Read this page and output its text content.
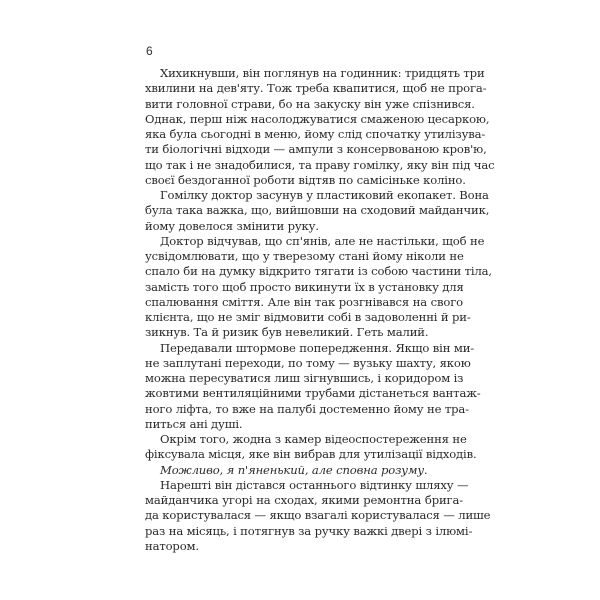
6
Хихикнувши, він поглянув на годинник: тридцять три
хвилини на дев'яту. Тож треба квапитися, щоб не прога-
вити головної страви, бо на закуску він уже спізнився.
Однак, перш ніж насолоджуватися смаженою цесаркою,
яка була сьогодні в меню, йому слід спочатку утилізува-
ти біологічні відходи — ампули з консервованою кров'ю,
що так і не знадобилися, та праву гомілку, яку він під час
своєї бездоганної роботи відтяв по самісіньке коліно.
Гомілку доктор засунув у пластиковий екопакет. Вона
була така важка, що, вийшовши на сходовий майданчик,
йому довелося змінити руку.
Доктор відчував, що сп'янів, але не настільки, щоб не
усвідомлювати, що у тверезому стані йому ніколи не
спало би на думку відкрито тягати із собою частини тіла,
замість того щоб просто викинути їх в установку для
спалювання сміття. Але він так розгнівався на свого
клієнта, що не зміг відмовити собі в задоволенні й ри-
зикнув. Та й ризик був невеликий. Геть малий.
Передавали штормове попередження. Якщо він ми-
не заплутані переходи, по тому — вузьку шахту, якою
можна пересуватися лиш зігнувшись, і коридором із
жовтими вентиляційними трубами дістанеться вантаж-
ного ліфта, то вже на палубі достеменно йому не тра-
питься ані душі.
Окрім того, жодна з камер відеоспостереження не
фіксувала місця, яке він вибрав для утилізації відходів.
Можливо, я п'яненький, але сповна розуму.
Нарешті він дістався останнього відтинку шляху —
майданчика угорі на сходах, якими ремонтна брига-
да користувалася — якщо взагалі користувалася — лише
раз на місяць, і потягнув за ручку важкі двері з ілюмі-
натором.
